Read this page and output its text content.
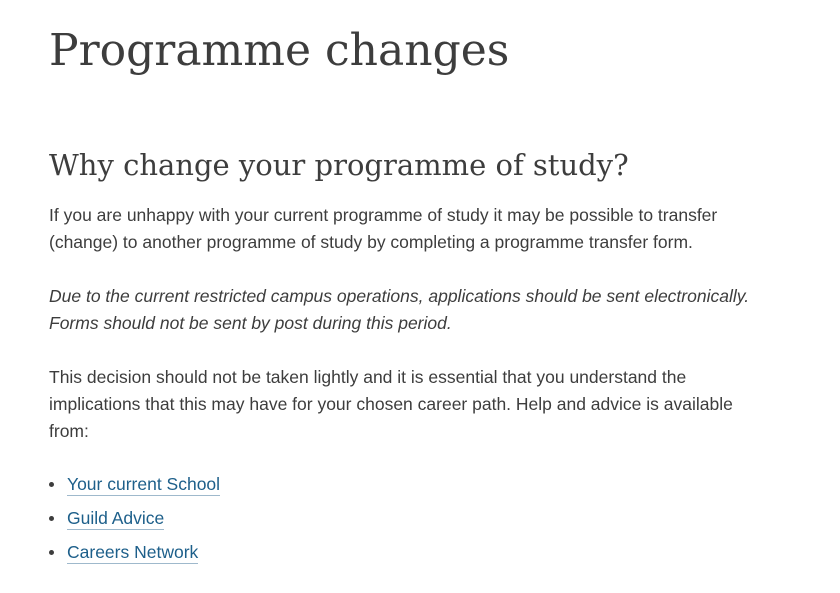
Programme changes
Why change your programme of study?

If you are unhappy with your current programme of study it may be possible to transfer (change) to another programme of study by completing a programme transfer form.

Due to the current restricted campus operations, applications should be sent electronically. Forms should not be sent by post during this period.

This decision should not be taken lightly and it is essential that you understand the implications that this may have for your chosen career path. Help and advice is available from:

Your current School
Guild Advice
Careers Network
